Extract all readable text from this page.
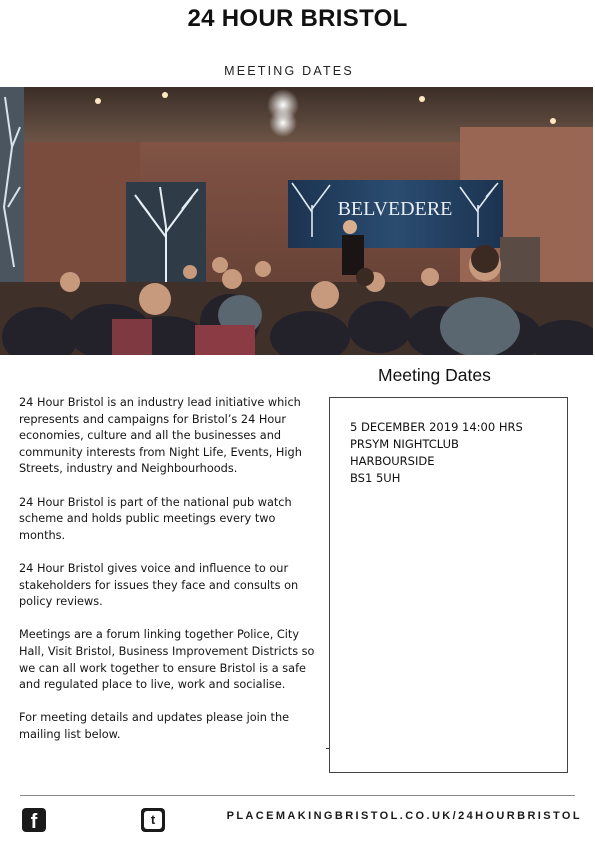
24 HOUR BRISTOL
MEETING DATES
BELVEDERE

24 Hour Bristol is an industry lead initiative which represents and campaigns for Bristol’s 24 Hour economies, culture and all the businesses and community interests from Night Life, Events, High Streets, industry and Neighbourhoods.

24 Hour Bristol is part of the national pub watch scheme and holds public meetings every two months.

24 Hour Bristol gives voice and influence to our stakeholders for issues they face and consults on policy reviews.

Meetings are a forum linking together Police, City Hall, Visit Bristol, Business Improvement Districts so we can all work together to ensure Bristol is a safe and regulated place to live, work and socialise.

For meeting details and updates please join the mailing list below.

Meeting Dates
5 DECEMBER 2019 14:00 HRS
PRSYM NIGHTCLUB
HARBOURSIDE
BS1 5UH
f	t	PLACEMAKINGBRISTOL.CO.UK/24HOURBRISTOL
